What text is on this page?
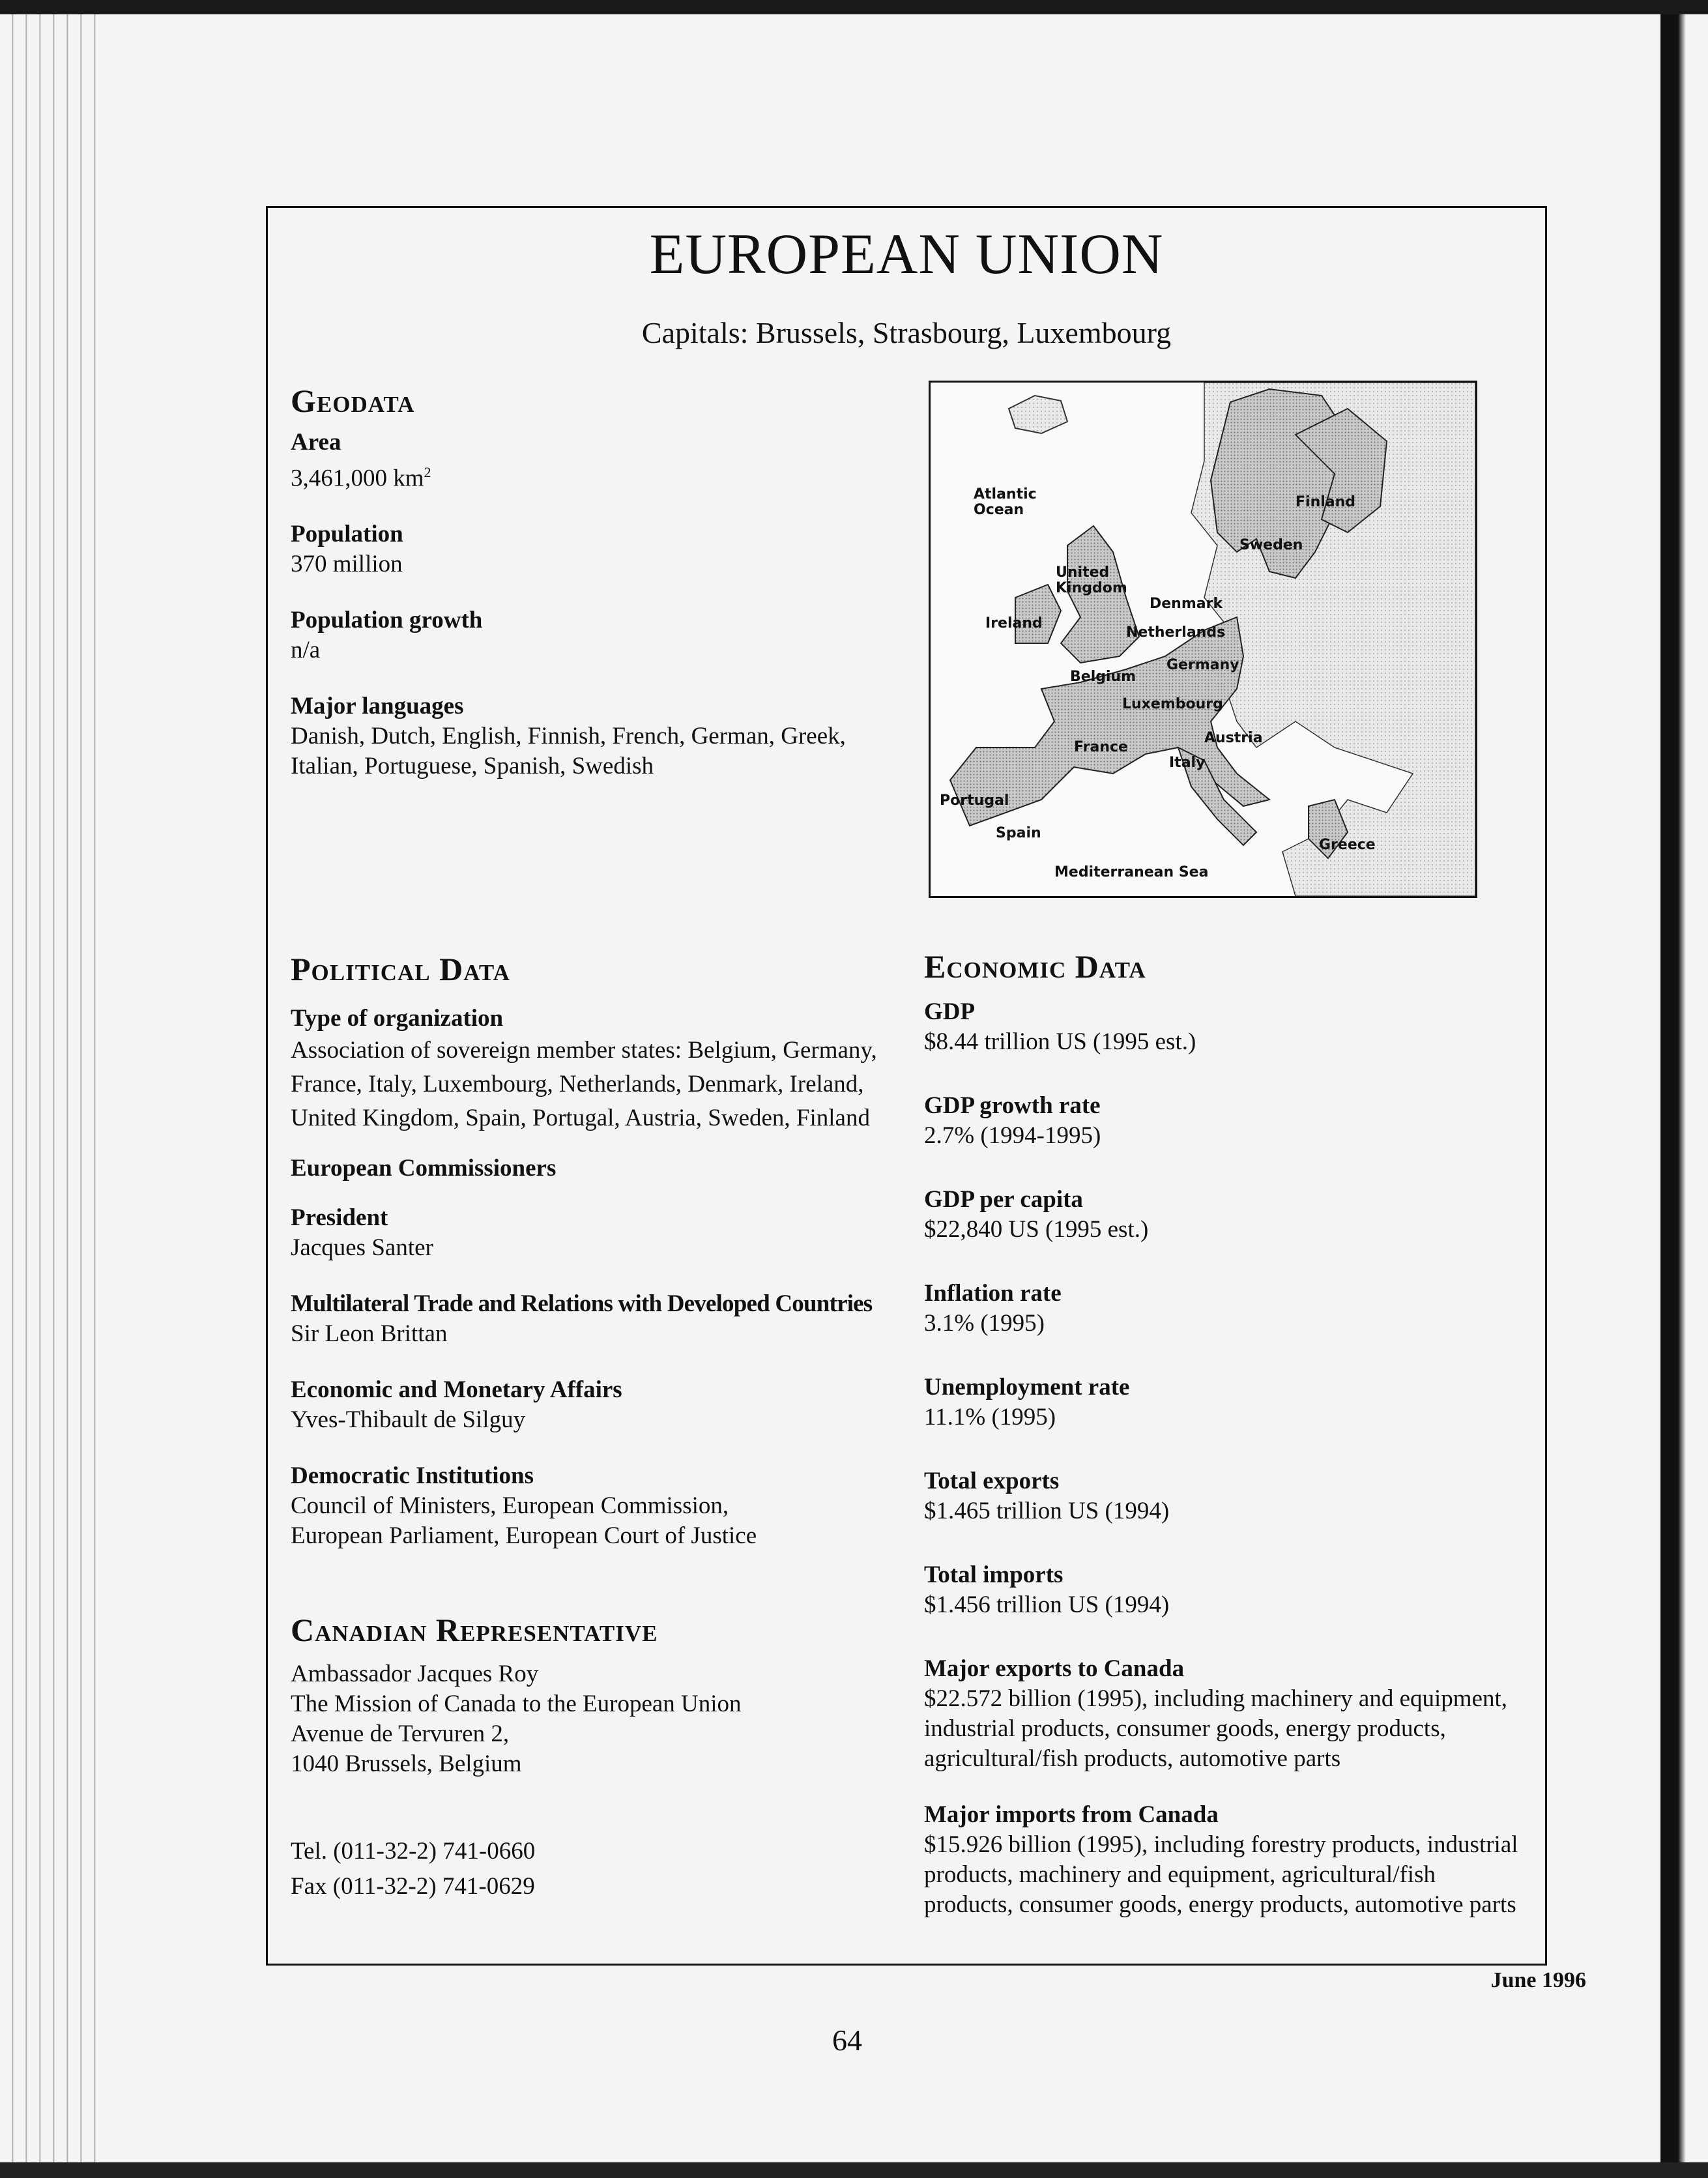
EUROPEAN UNION
Capitals: Brussels, Strasbourg, Luxembourg
Geodata
Area
3,461,000 $km^2$
Population
370 million
Population growth
n/a
Major languages
Danish, Dutch, English, Finnish, French, German, Greek, Italian, Portuguese, Spanish, Swedish
Atlantic
Ocean	Finland
Sweden
United
Kingdom
Denmark
Ireland
Netherlands
Germany
Belgium
Luxembourg
Austria
France
Italy
Portugal
Spain
Greece
Mediterranean Sea
Political Data
Type of organization
Association of sovereign member states: Belgium, Germany, France, Italy, Luxembourg, Netherlands, Denmark, Ireland, United Kingdom, Spain, Portugal, Austria, Sweden, Finland
European Commissioners
President
Jacques Santer
Multilateral Trade and Relations with Developed Countries
Sir Leon Brittan
Economic and Monetary Affairs
Yves-Thibault de Silguy
Democratic Institutions
Council of Ministers, European Commission, European Parliament, European Court of Justice
Canadian Representative
Ambassador Jacques Roy
The Mission of Canada to the European Union
Avenue de Tervuren 2,
1040 Brussels, Belgium
Tel. (011-32-2) 741-0660
Fax (011-32-2) 741-0629
Economic Data
GDP
$8.44 trillion US (1995 est.)
GDP growth rate
2.7% (1994-1995)
GDP per capita
$22,840 US (1995 est.)
Inflation rate
3.1% (1995)
Unemployment rate
11.1% (1995)
Total exports
$1.465 trillion US (1994)
Total imports
$1.456 trillion US (1994)
Major exports to Canada
$22.572 billion (1995), including machinery and equipment, industrial products, consumer goods, energy products, agricultural/fish products, automotive parts
Major imports from Canada
$15.926 billion (1995), including forestry products, industrial products, machinery and equipment, agricultural/fish products, consumer goods, energy products, automotive parts
June 1996
64
